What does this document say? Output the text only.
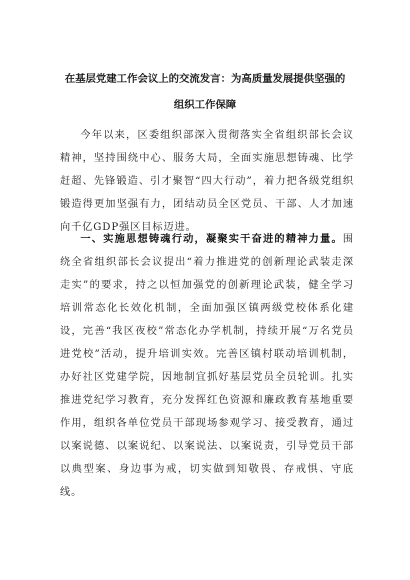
在基层党建工作会议上的交流发言：为高质量发展提供坚强的组织工作保障

今年以来，区委组织部深入贯彻落实全省组织部长会议精神，坚持围绕中心、服务大局，全面实施思想铸魂、比学赶超、先锋锻造、引才聚智“四大行动”，着力把各级党组织锻造得更加坚强有力，团结动员全区党员、干部、人才加速向千亿GDP强区目标迈进。

一、实施思想铸魂行动，凝聚实干奋进的精神力量。围绕全省组织部长会议提出“着力推进党的创新理论武装走深走实”的要求，持之以恒加强党的创新理论武装，健全学习培训常态化长效化机制，全面加强区镇两级党校体系化建设，完善“我区夜校”常态化办学机制，持续开展“万名党员进党校”活动，提升培训实效。完善区镇村联动培训机制，办好社区党建学院，因地制宜抓好基层党员全员轮训。扎实推进党纪学习教育，充分发挥红色资源和廉政教育基地重要作用，组织各单位党员干部现场参观学习、接受教育，通过以案说德、以案说纪、以案说法、以案说责，引导党员干部以典型案、身边事为戒，切实做到知敬畏、存戒惧、守底线。
